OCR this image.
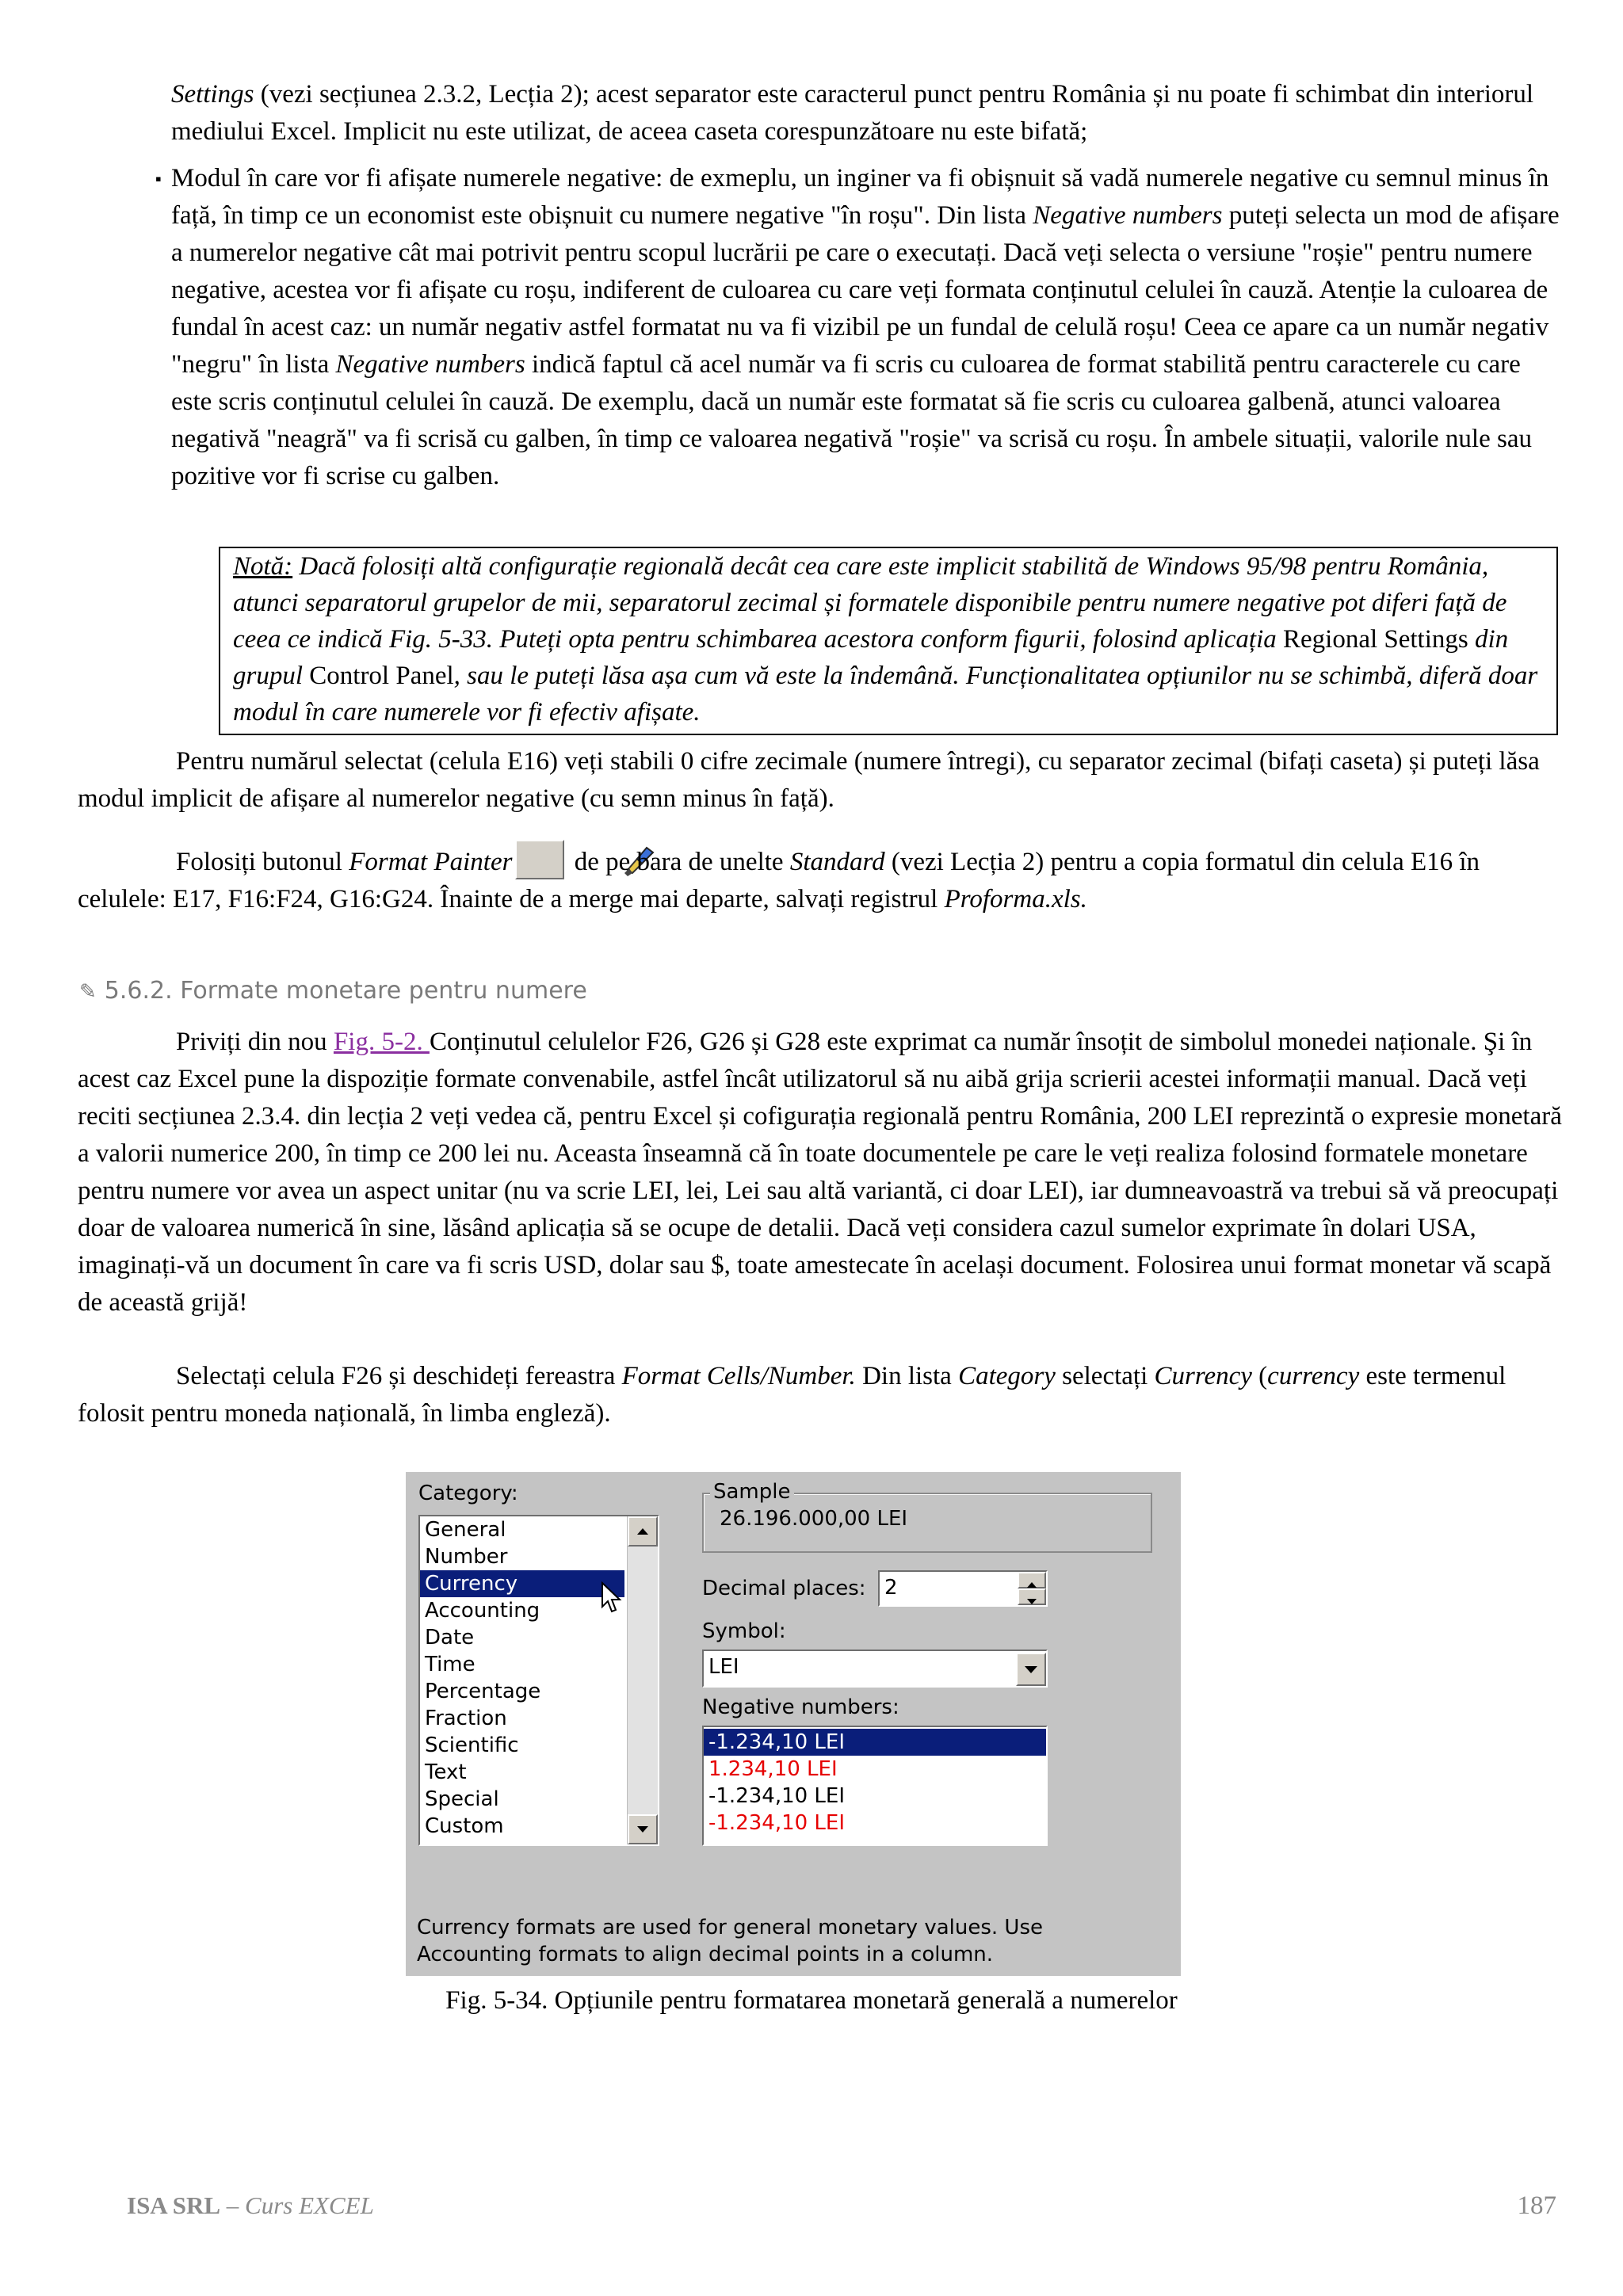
Settings (vezi secțiunea 2.3.2, Lecția 2); acest separator este caracterul punct pentru România și nu poate fi schimbat din interiorul mediului Excel. Implicit nu este utilizat, de aceea caseta corespunzătoare nu este bifată;

▪ Modul în care vor fi afișate numerele negative: de exmeplu, un inginer va fi obișnuit să vadă numerele negative cu semnul minus în față, în timp ce un economist este obișnuit cu numere negative "în roșu". Din lista Negative numbers puteți selecta un mod de afișare a numerelor negative cât mai potrivit pentru scopul lucrării pe care o executați. Dacă veți selecta o versiune "roșie" pentru numere negative, acestea vor fi afișate cu roșu, indiferent de culoarea cu care veți formata conținutul celulei în cauză. Atenție la culoarea de fundal în acest caz: un număr negativ astfel formatat nu va fi vizibil pe un fundal de celulă roșu! Ceea ce apare ca un număr negativ "negru" în lista Negative numbers indică faptul că acel număr va fi scris cu culoarea de format stabilită pentru caracterele cu care este scris conținutul celulei în cauză. De exemplu, dacă un număr este formatat să fie scris cu culoarea galbenă, atunci valoarea negativă "neagră" va fi scrisă cu galben, în timp ce valoarea negativă "roșie" va scrisă cu roșu. În ambele situații, valorile nule sau pozitive vor fi scrise cu galben.
Notă: Dacă folosiți altă configurație regională decât cea care este implicit stabilită de Windows 95/98 pentru România, atunci separatorul grupelor de mii, separatorul zecimal și formatele disponibile pentru numere negative pot diferi față de ceea ce indică Fig. 5-33. Puteți opta pentru schimbarea acestora conform figurii, folosind aplicația Regional Settings din grupul Control Panel, sau le puteți lăsa așa cum vă este la îndemână. Funcționalitatea opțiunilor nu se schimbă, diferă doar modul în care numerele vor fi efectiv afișate.

Pentru numărul selectat (celula E16) veți stabili 0 cifre zecimale (numere întregi), cu separator zecimal (bifați caseta) și puteți lăsa modul implicit de afișare al numerelor negative (cu semn minus în față).

Folosiți butonul Format Painter de pe bara de unelte Standard (vezi Lecția 2) pentru a copia formatul din celula E16 în celulele: E17, F16:F24, G16:G24. Înainte de a merge mai departe, salvați registrul Proforma.xls.

✎ 5.6.2. Formate monetare pentru numere

Priviți din nou Fig. 5-2. Conținutul celulelor F26, G26 și G28 este exprimat ca număr însoțit de simbolul monedei naționale. Şi în acest caz Excel pune la dispoziție formate convenabile, astfel încât utilizatorul să nu aibă grija scrierii acestei informații manual. Dacă veți reciti secțiunea 2.3.4. din lecția 2 veți vedea că, pentru Excel și cofigurația regională pentru România, 200 LEI reprezintă o expresie monetară a valorii numerice 200, în timp ce 200 lei nu. Aceasta înseamnă că în toate documentele pe care le veți realiza folosind formatele monetare pentru numere vor avea un aspect unitar (nu va scrie LEI, lei, Lei sau altă variantă, ci doar LEI), iar dumneavoastră va trebui să vă preocupați doar de valoarea numerică în sine, lăsând aplicația să se ocupe de detalii. Dacă veți considera cazul sumelor exprimate în dolari USA, imaginați-vă un document în care va fi scris USD, dolar sau $, toate amestecate în același document. Folosirea unui format monetar vă scapă de această grijă!

Selectați celula F26 și deschideți fereastra Format Cells/Number. Din lista Category selectați Currency (currency este termenul folosit pentru moneda națională, în limba engleză).

Category:
General
Number
Currency
Accounting
Date
Time
Percentage
Fraction
Scientific
Text
Special
Custom
Sample
26.196.000,00 LEI
Decimal places: 2
Symbol:
LEI
Negative numbers:
-1.234,10 LEI
1.234,10 LEI
-1.234,10 LEI
-1.234,10 LEI
Currency formats are used for general monetary values. Use Accounting formats to align decimal points in a column.
Fig. 5-34. Opțiunile pentru formatarea monetară generală a numerelor
ISA SRL – Curs EXCEL	187
